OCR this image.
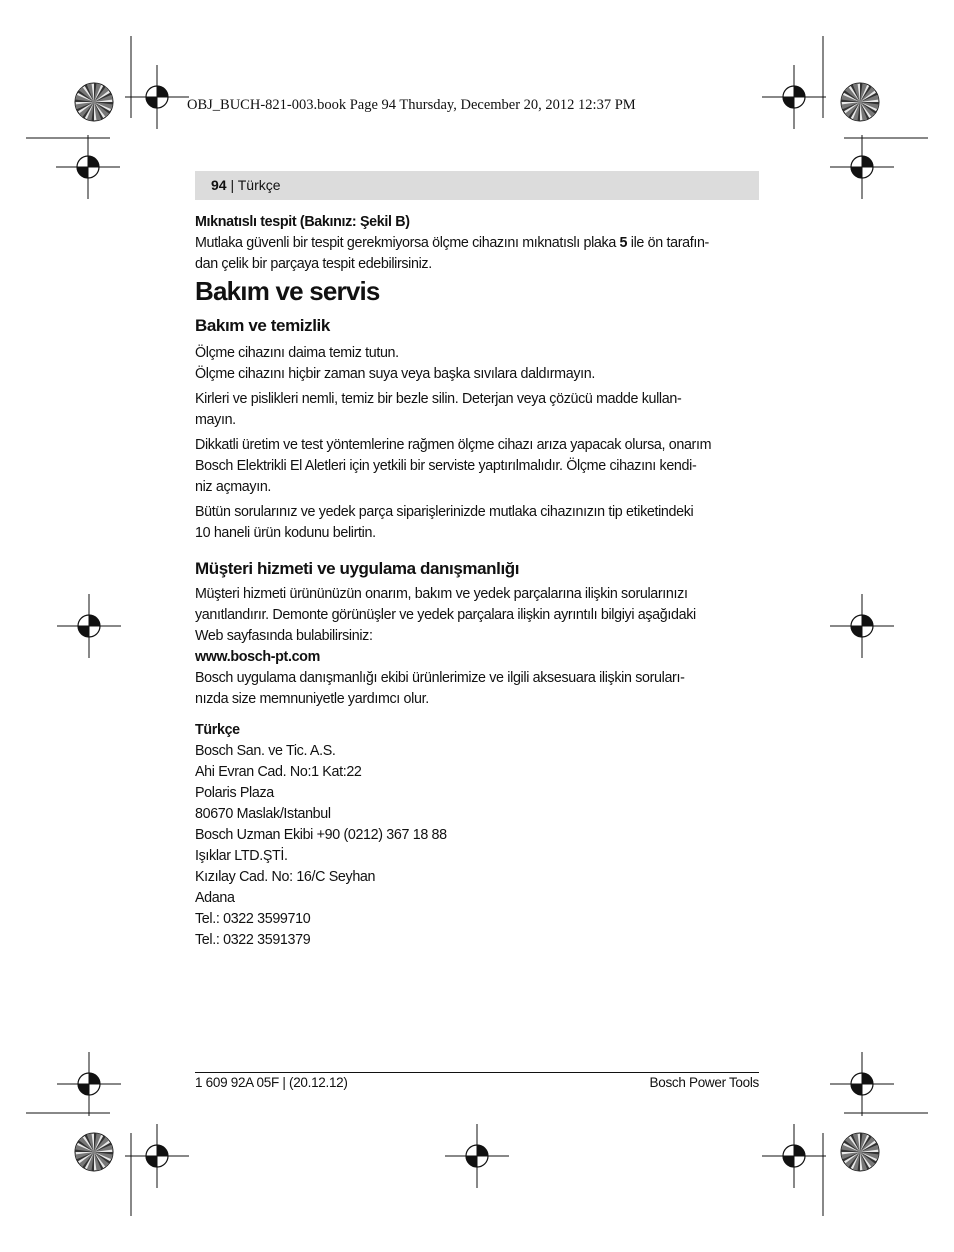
OBJ_BUCH-821-003.book Page 94 Thursday, December 20, 2012 12:37 PM
94 | Türkçe

Mıknatıslı tespit (Bakınız: Şekil B)

Mutlaka güvenli bir tespit gerekmiyorsa ölçme cihazını mıknatıslı plaka 5 ile ön tarafın-

dan çelik bir parçaya tespit edebilirsiniz.

Bakım ve servis

Bakım ve temizlik

Ölçme cihazını daima temiz tutun.

Ölçme cihazını hiçbir zaman suya veya başka sıvılara daldırmayın.

Kirleri ve pislikleri nemli, temiz bir bezle silin. Deterjan veya çözücü madde kullan-

mayın.

Dikkatli üretim ve test yöntemlerine rağmen ölçme cihazı arıza yapacak olursa, onarım

Bosch Elektrikli El Aletleri için yetkili bir serviste yaptırılmalıdır. Ölçme cihazını kendi-

niz açmayın.

Bütün sorularınız ve yedek parça siparişlerinizde mutlaka cihazınızın tip etiketindeki

10 haneli ürün kodunu belirtin.

Müşteri hizmeti ve uygulama danışmanlığı

Müşteri hizmeti ürününüzün onarım, bakım ve yedek parçalarına ilişkin sorularınızı

yanıtlandırır. Demonte görünüşler ve yedek parçalara ilişkin ayrıntılı bilgiyi aşağıdaki

Web sayfasında bulabilirsiniz:

www.bosch-pt.com

Bosch uygulama danışmanlığı ekibi ürünlerimize ve ilgili aksesuara ilişkin soruları-

nızda size memnuniyetle yardımcı olur.

Türkçe

Bosch San. ve Tic. A.S.

Ahi Evran Cad. No:1 Kat:22

Polaris Plaza

80670 Maslak/Istanbul

Bosch Uzman Ekibi +90 (0212) 367 18 88

Işıklar LTD.ŞTİ.

Kızılay Cad. No: 16/C Seyhan

Adana

Tel.: 0322 3599710

Tel.: 0322 3591379

1 609 92A 05F | (20.12.12)	Bosch Power Tools
